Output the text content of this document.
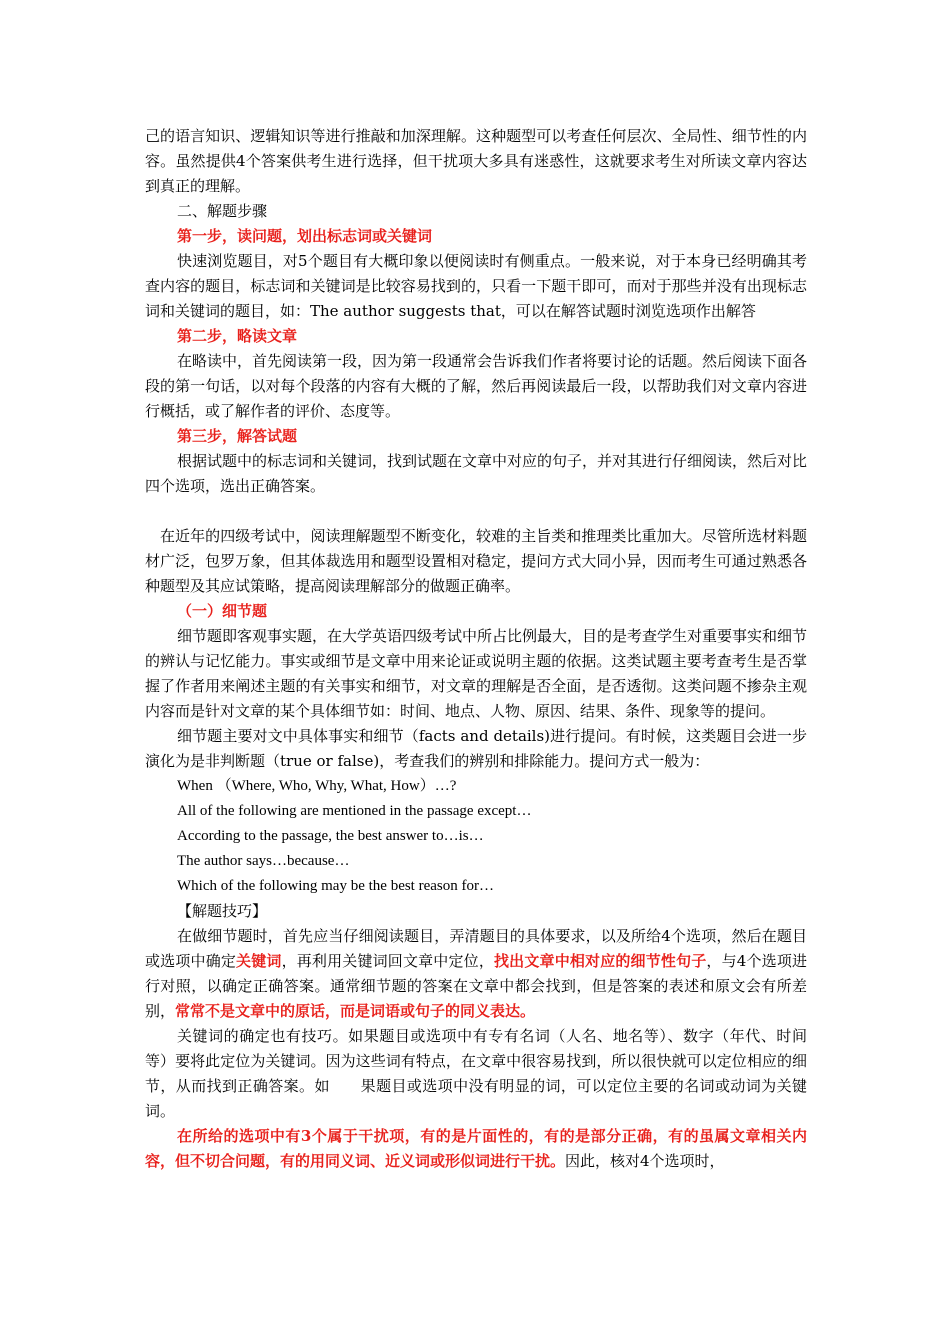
己的语言知识、逻辑知识等进行推敲和加深理解。这种题型可以考查任何层次、全局性、细节性的内容。虽然提供4个答案供考生进行选择，但干扰项大多具有迷惑性，这就要求考生对所读文章内容达到真正的理解。

二、解题步骤

第一步，读问题，划出标志词或关键词

快速浏览题目，对5个题目有大概印象以便阅读时有侧重点。一般来说，对于本身已经明确其考查内容的题目，标志词和关键词是比较容易找到的，只看一下题干即可，而对于那些并没有出现标志词和关键词的题目，如：The author suggests that，可以在解答试题时浏览选项作出解答

第二步，略读文章

在略读中，首先阅读第一段，因为第一段通常会告诉我们作者将要讨论的话题。然后阅读下面各段的第一句话，以对每个段落的内容有大概的了解，然后再阅读最后一段，以帮助我们对文章内容进行概括，或了解作者的评价、态度等。

第三步，解答试题

根据试题中的标志词和关键词，找到试题在文章中对应的句子，并对其进行仔细阅读，然后对比四个选项，选出正确答案。

在近年的四级考试中，阅读理解题型不断变化，较难的主旨类和推理类比重加大。尽管所选材料题材广泛，包罗万象，但其体裁选用和题型设置相对稳定，提问方式大同小异，因而考生可通过熟悉各种题型及其应试策略，提高阅读理解部分的做题正确率。

（一）细节题

细节题即客观事实题，在大学英语四级考试中所占比例最大，目的是考查学生对重要事实和细节的辨认与记忆能力。事实或细节是文章中用来论证或说明主题的依据。这类试题主要考查考生是否掌握了作者用来阐述主题的有关事实和细节，对文章的理解是否全面，是否透彻。这类问题不掺杂主观内容而是针对文章的某个具体细节如：时间、地点、人物、原因、结果、条件、现象等的提问。

细节题主要对文中具体事实和细节（facts and details)进行提问。有时候，这类题目会进一步演化为是非判断题（true or false)，考查我们的辨别和排除能力。提问方式一般为：

When （Where, Who, Why, What, How）…?

All of the following are mentioned in the passage except…

According to the passage, the best answer to…is…

The author says…because…

Which of the following may be the best reason for…

【解题技巧】

在做细节题时，首先应当仔细阅读题目，弄清题目的具体要求，以及所给4个选项，然后在题目或选项中确定关键词，再利用关键词回文章中定位，找出文章中相对应的细节性句子，与4个选项进行对照，以确定正确答案。通常细节题的答案在文章中都会找到，但是答案的表述和原文会有所差别，常常不是文章中的原话，而是词语或句子的同义表达。

关键词的确定也有技巧。如果题目或选项中有专有名词（人名、地名等）、数字（年代、时间等）要将此定位为关键词。因为这些词有特点，在文章中很容易找到，所以很快就可以定位相应的细节，从而找到正确答案。如　　果题目或选项中没有明显的词，可以定位主要的名词或动词为关键词。

在所给的选项中有3个属于干扰项，有的是片面性的，有的是部分正确，有的虽属文章相关内容，但不切合问题，有的用同义词、近义词或形似词进行干扰。因此，核对4个选项时，
